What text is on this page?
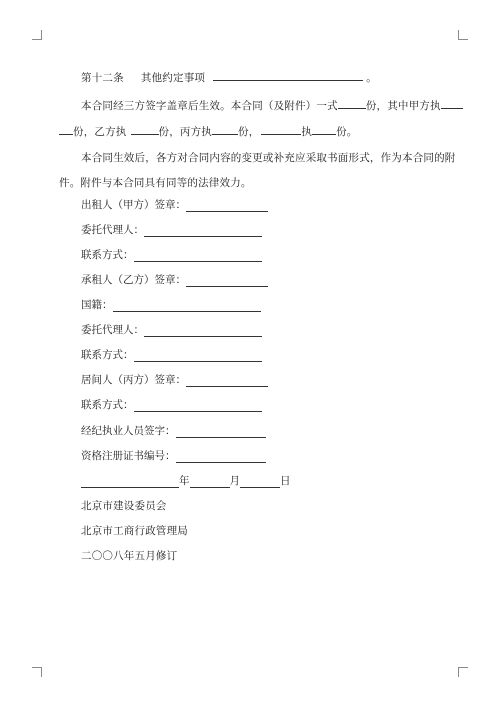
第十二条 其他约定事项	。
本合同经三方签字盖章后生效。本合同（及附件）一式	份，其中甲方执
份，乙方执	份，丙方执 份，	执 份。
本合同生效后，各方对合同内容的变更或补充应采取书面形式，作为本合同的附
件。附件与本合同具有同等的法律效力。
出租人（甲方）签章：
委托代理人：
联系方式：
承租人（乙方）签章：
国籍：
委托代理人：
联系方式：
居间人（丙方）签章：
联系方式：
经纪执业人员签字：
资格注册证书编号：
年	月	日
北京市建设委员会
北京市工商行政管理局
二〇〇八年五月修订
